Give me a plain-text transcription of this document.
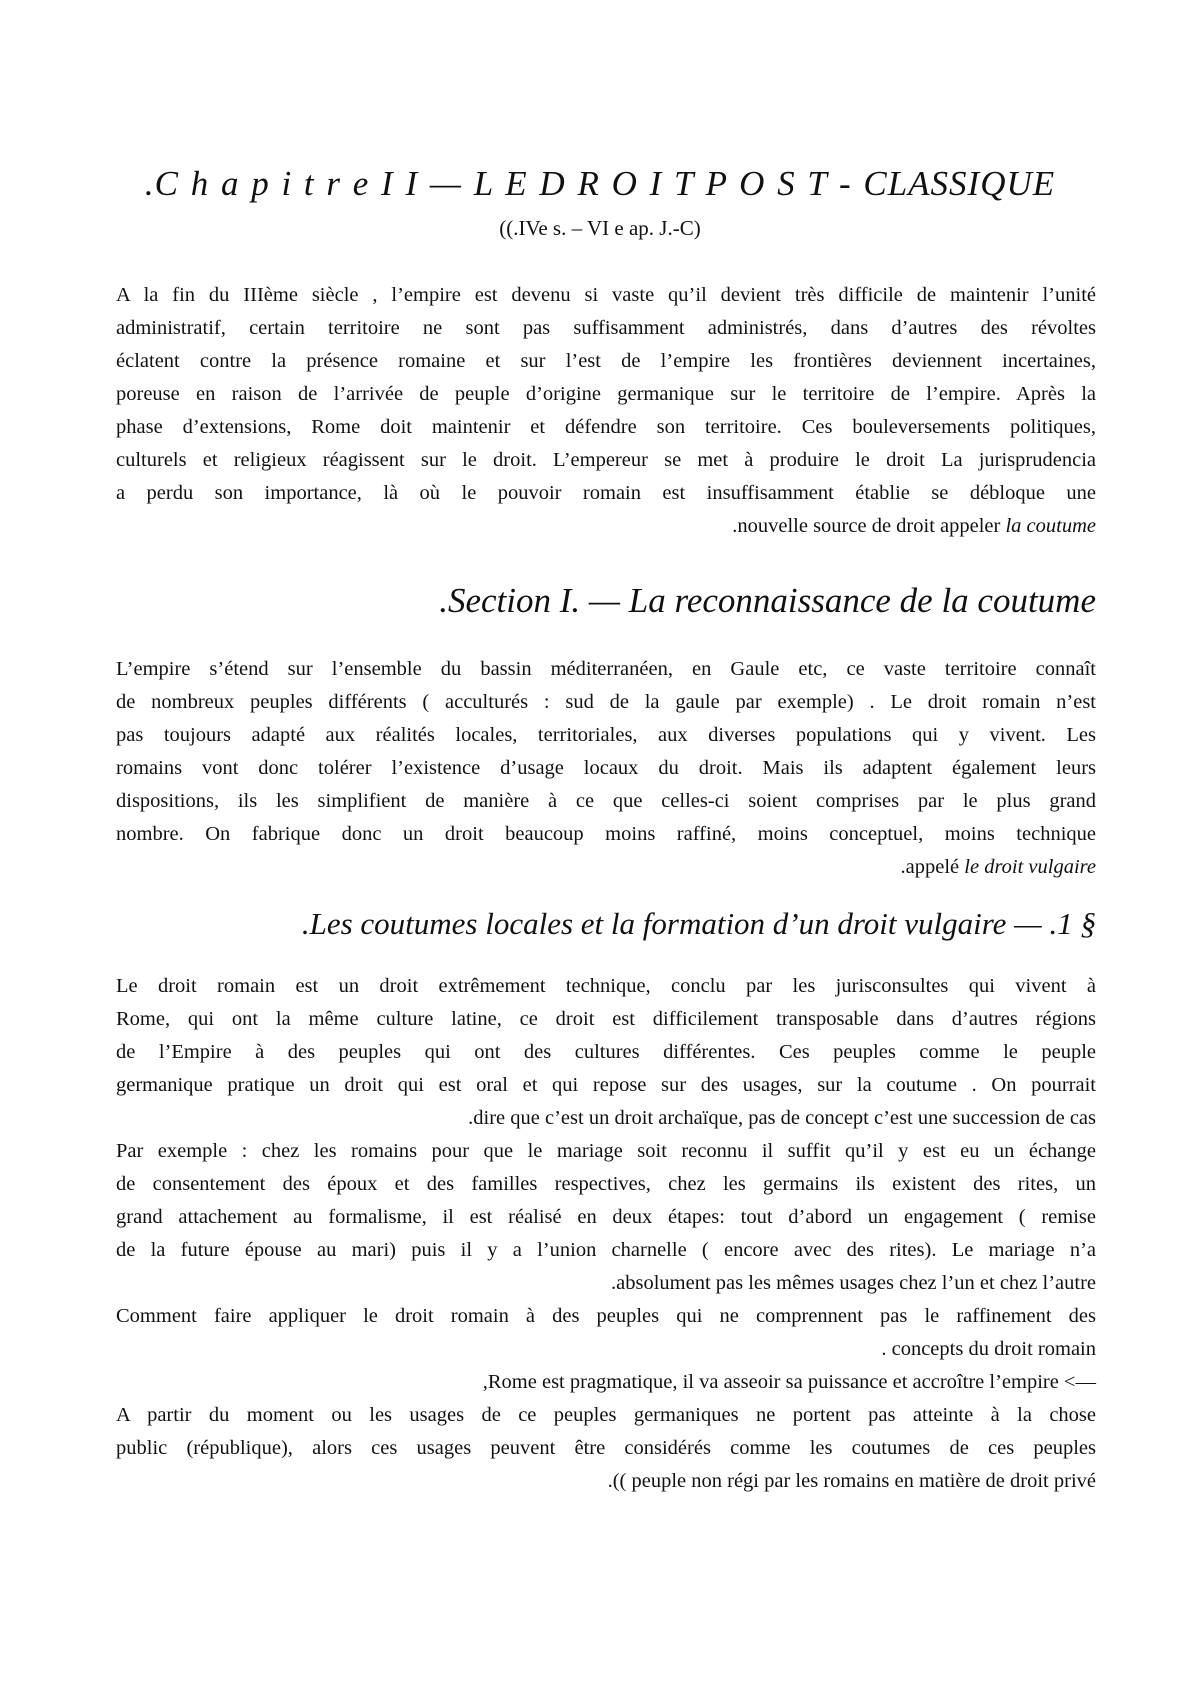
.C h a p i t r e I I — L E D R O I T P O S T - CLASSIQUE
((.IVe s. – VI e ap. J.-C)
A la fin du IIIème siècle , l’empire est devenu si vaste qu’il devient très difficile de maintenir l’unité
administratif, certain territoire ne sont pas suffisamment administrés, dans d’autres des révoltes
éclatent contre la présence romaine et sur l’est de l’empire les frontières deviennent incertaines,
poreuse en raison de l’arrivée de peuple d’origine germanique sur le territoire de l’empire. Après la
phase d’extensions, Rome doit maintenir et défendre son territoire. Ces bouleversements politiques,
culturels et religieux réagissent sur le droit. L’empereur se met à produire le droit La jurisprudencia
a perdu son importance, là où le pouvoir romain est insuffisamment établie se débloque une
.nouvelle source de droit appeler la coutume
.Section I. — La reconnaissance de la coutume
L’empire s’étend sur l’ensemble du bassin méditerranéen, en Gaule etc, ce vaste territoire connaît
de nombreux peuples différents ( acculturés : sud de la gaule par exemple) . Le droit romain n’est
pas toujours adapté aux réalités locales, territoriales, aux diverses populations qui y vivent. Les
romains vont donc tolérer l’existence d’usage locaux du droit. Mais ils adaptent également leurs
dispositions, ils les simplifient de manière à ce que celles-ci soient comprises par le plus grand
nombre. On fabrique donc un droit beaucoup moins raffiné, moins conceptuel, moins technique
.appelé le droit vulgaire
.Les coutumes locales et la formation d’un droit vulgaire — .1 §
Le droit romain est un droit extrêmement technique, conclu par les jurisconsultes qui vivent à
Rome, qui ont la même culture latine, ce droit est difficilement transposable dans d’autres régions
de l’Empire à des peuples qui ont des cultures différentes. Ces peuples comme le peuple
germanique pratique un droit qui est oral et qui repose sur des usages, sur la coutume . On pourrait
.dire que c’est un droit archaïque, pas de concept c’est une succession de cas
Par exemple : chez les romains pour que le mariage soit reconnu il suffit qu’il y est eu un échange
de consentement des époux et des familles respectives, chez les germains ils existent des rites, un
grand attachement au formalisme, il est réalisé en deux étapes: tout d’abord un engagement ( remise
de la future épouse au mari) puis il y a l’union charnelle ( encore avec des rites). Le mariage n’a
.absolument pas les mêmes usages chez l’un et chez l’autre
Comment faire appliquer le droit romain à des peuples qui ne comprennent pas le raffinement des
. concepts du droit romain
,Rome est pragmatique, il va asseoir sa puissance et accroître l’empire <—
A partir du moment ou les usages de ce peuples germaniques ne portent pas atteinte à la chose
public (république), alors ces usages peuvent être considérés comme les coutumes de ces peuples
.(( peuple non régi par les romains en matière de droit privé
